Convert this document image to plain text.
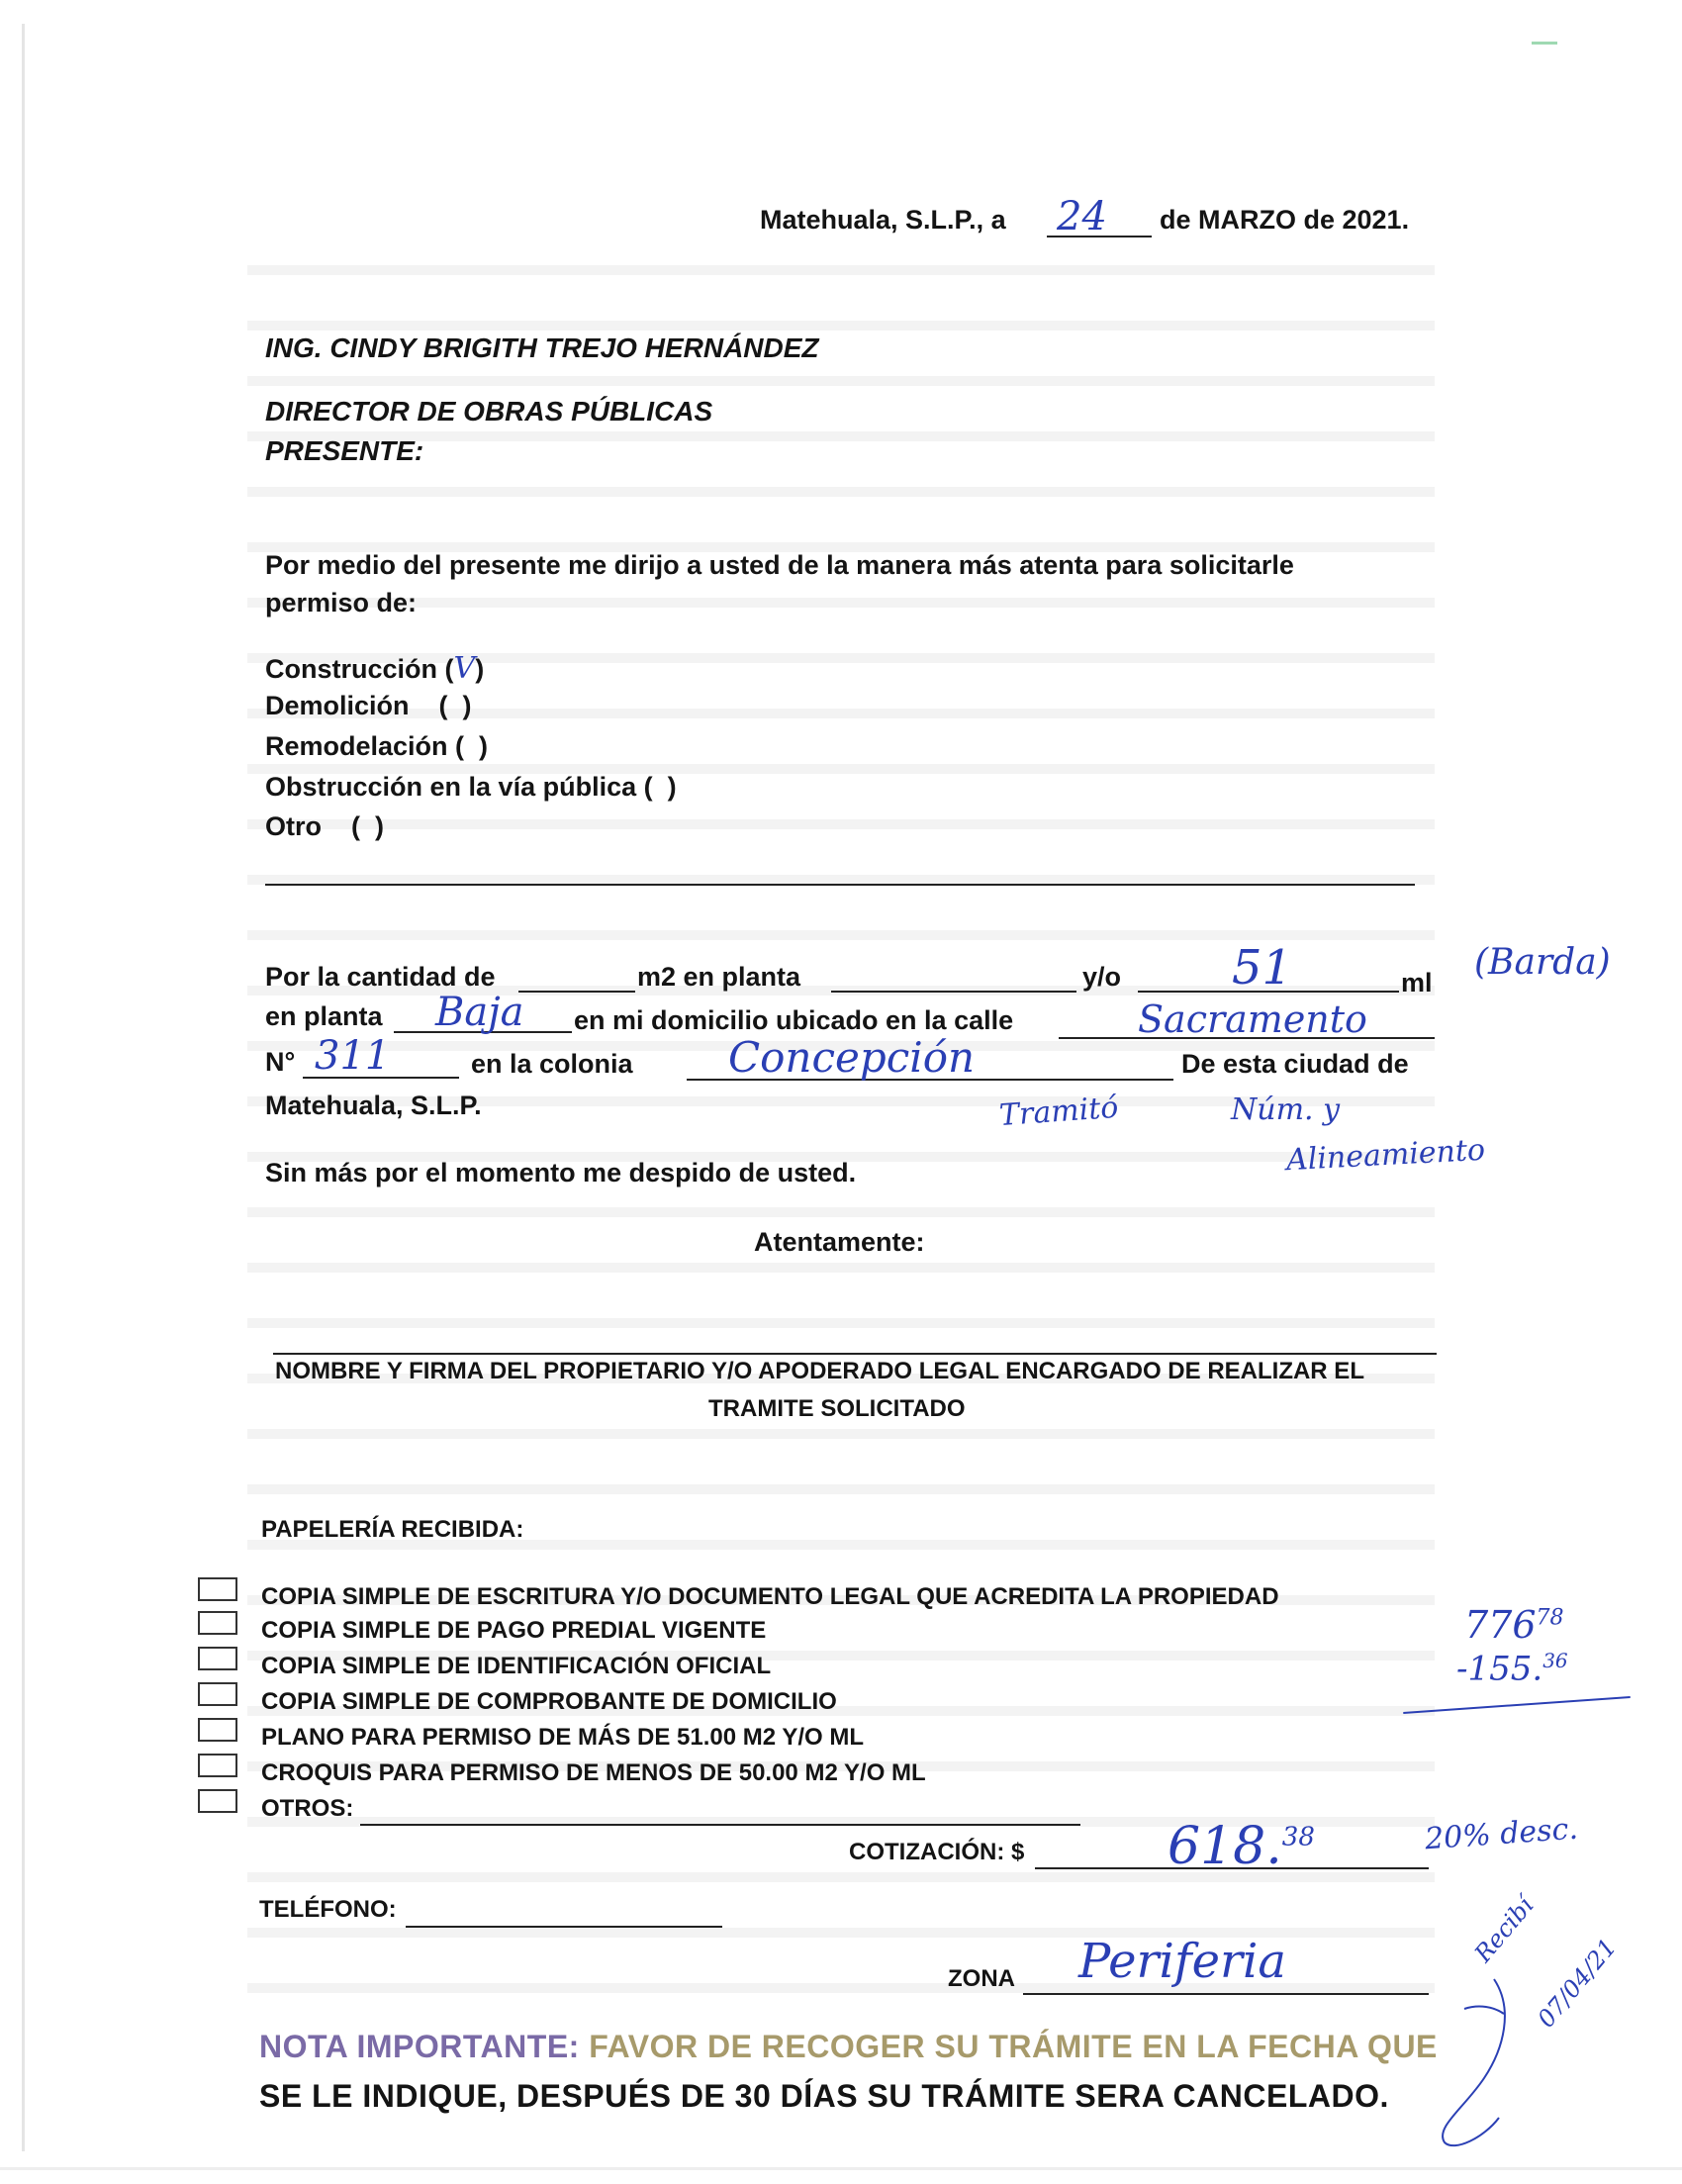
Matehuala, S.L.P., a 24 de MARZO de 2021.
ING. CINDY BRIGITH TREJO HERNÁNDEZ
DIRECTOR DE OBRAS PÚBLICAS
PRESENTE:
Por medio del presente me dirijo a usted de la manera más atenta para solicitarle
permiso de:
Construcción (V)
Demolición    (  )
Remodelación (  )
Obstrucción en la vía pública (  )
Otro    (  )
Por la cantidad de	m2 en planta	y/o 51	ml (Barda)
en planta Baja en mi domicilio ubicado en la calle	Sacramento
N° 311	en la colonia Concepción	De esta ciudad de
Matehuala, S.L.P.	Tramitó	Núm. y
Alineamiento
Sin más por el momento me despido de usted.
Atentamente:
NOMBRE Y FIRMA DEL PROPIETARIO Y/O APODERADO LEGAL ENCARGADO DE REALIZAR EL
TRAMITE SOLICITADO
PAPELERÍA RECIBIDA:
COPIA SIMPLE DE ESCRITURA Y/O DOCUMENTO LEGAL QUE ACREDITA LA PROPIEDAD
COPIA SIMPLE DE PAGO PREDIAL VIGENTE
COPIA SIMPLE DE IDENTIFICACIÓN OFICIAL
COPIA SIMPLE DE COMPROBANTE DE DOMICILIO
PLANO PARA PERMISO DE MÁS DE 51.00 M2 Y/O ML
CROQUIS PARA PERMISO DE MENOS DE 50.00 M2 Y/O ML
OTROS:
$776^{78}$
-155.36
COTIZACIÓN: $	618.38	20% desc.
TELÉFONO:
ZONA Periferia	Recibí
07/04/21
NOTA IMPORTANTE: FAVOR DE RECOGER SU TRÁMITE EN LA FECHA QUE
SE LE INDIQUE, DESPUÉS DE 30 DÍAS SU TRÁMITE SERA CANCELADO.
